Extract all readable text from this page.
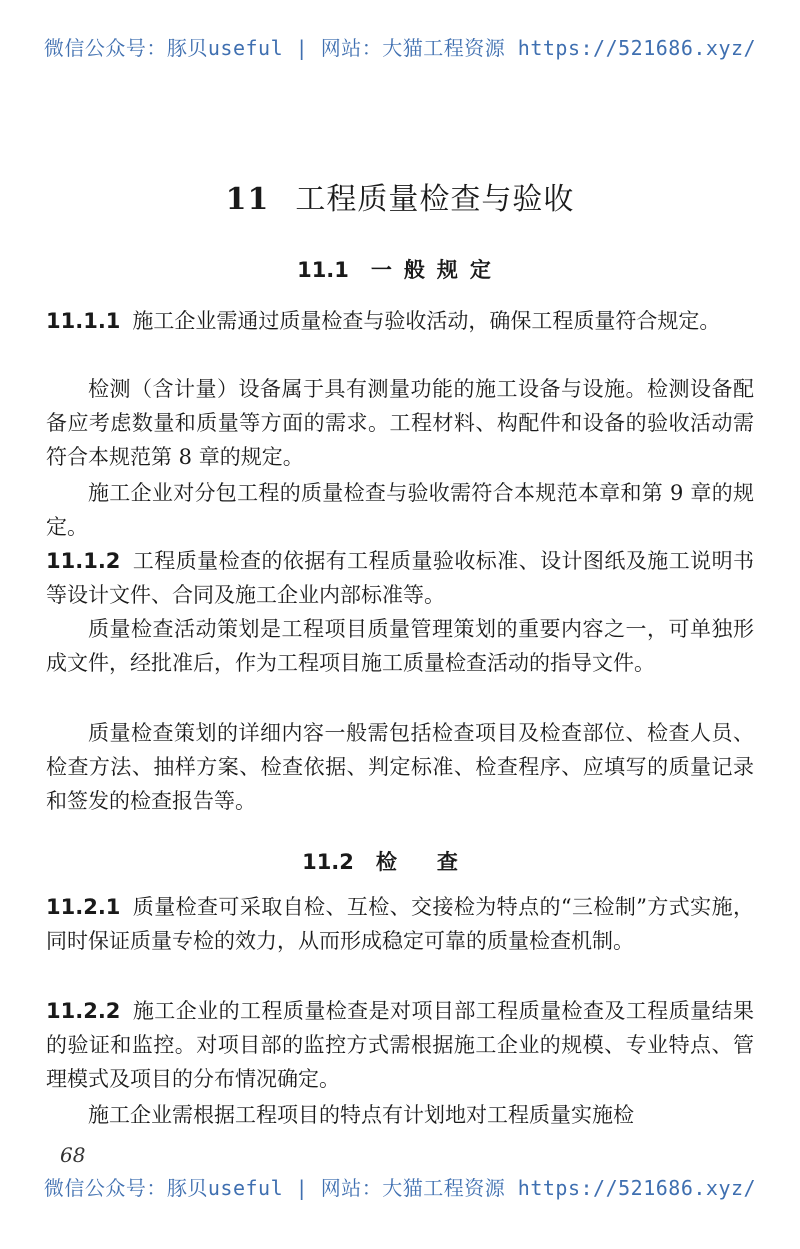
微信公众号：豚贝useful | 网站：大猫工程资源 https://521686.xyz/
11 工程质量检查与验收
11.1 一般规定
11.1.1 施工企业需通过质量检查与验收活动，确保工程质量符合规定。
检测（含计量）设备属于具有测量功能的施工设备与设施。检测设备配备应考虑数量和质量等方面的需求。工程材料、构配件和设备的验收活动需符合本规范第 8 章的规定。
施工企业对分包工程的质量检查与验收需符合本规范本章和第 9 章的规定。
11.1.2 工程质量检查的依据有工程质量验收标准、设计图纸及施工说明书等设计文件、合同及施工企业内部标准等。
质量检查活动策划是工程项目质量管理策划的重要内容之一，可单独形成文件，经批准后，作为工程项目施工质量检查活动的指导文件。
质量检查策划的详细内容一般需包括检查项目及检查部位、检查人员、检查方法、抽样方案、检查依据、判定标准、检查程序、应填写的质量记录和签发的检查报告等。
11.2 检查
11.2.1 质量检查可采取自检、互检、交接检为特点的“三检制”方式实施，同时保证质量专检的效力，从而形成稳定可靠的质量检查机制。
11.2.2 施工企业的工程质量检查是对项目部工程质量检查及工程质量结果的验证和监控。对项目部的监控方式需根据施工企业的规模、专业特点、管理模式及项目的分布情况确定。
施工企业需根据工程项目的特点有计划地对工程质量实施检
68
微信公众号：豚贝useful | 网站：大猫工程资源 https://521686.xyz/
